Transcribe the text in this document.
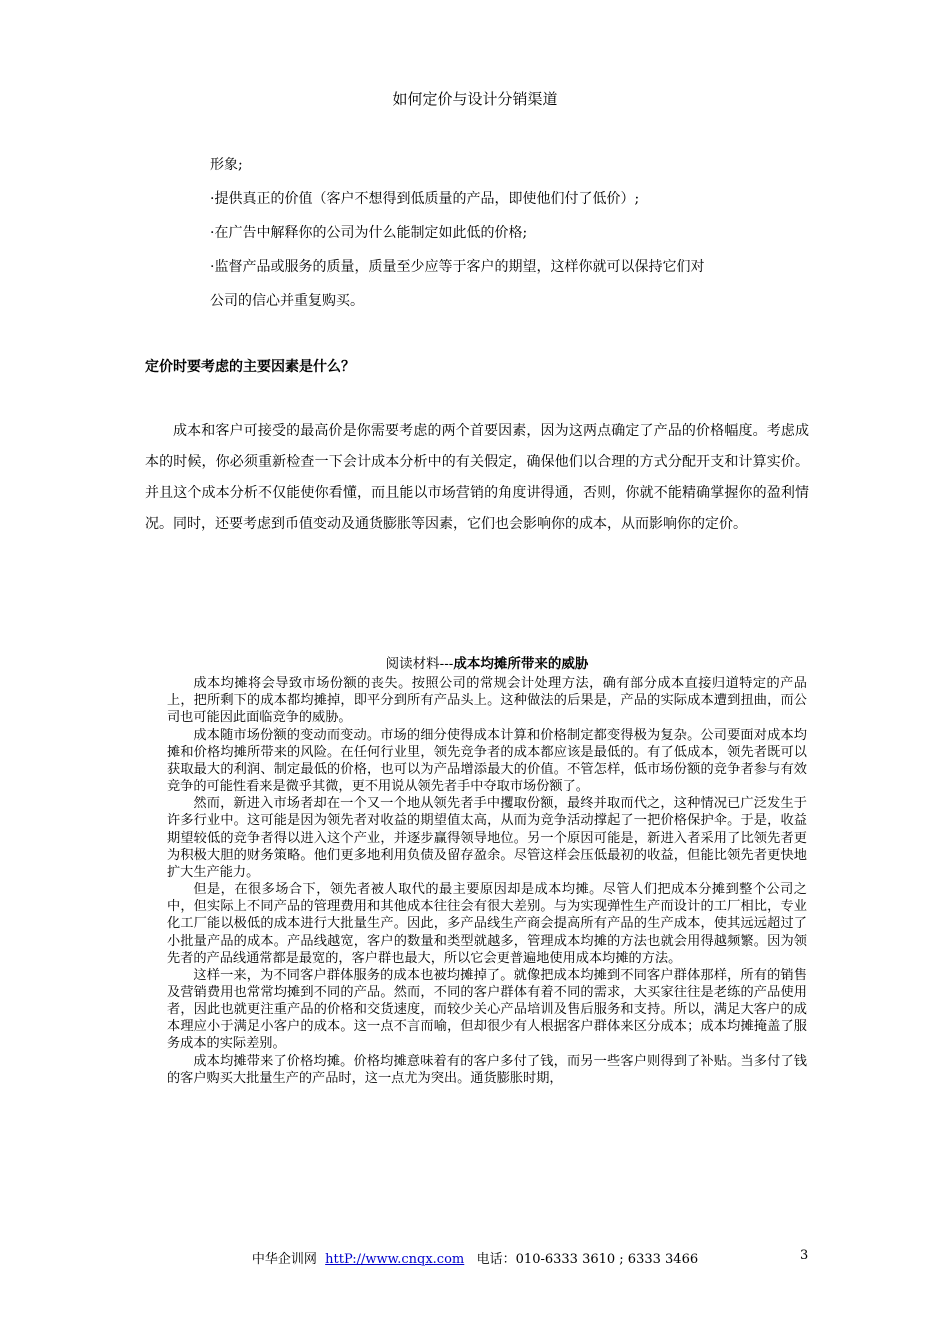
如何定价与设计分销渠道

形象;

·提供真正的价值（客户不想得到低质量的产品，即使他们付了低价）;

·在广告中解释你的公司为什么能制定如此低的价格;

·监督产品或服务的质量，质量至少应等于客户的期望，这样你就可以保持它们对

公司的信心并重复购买。

定价时要考虑的主要因素是什么？

成本和客户可接受的最高价是你需要考虑的两个首要因素，因为这两点确定了产品的价格幅度。考虑成本的时候，你必须重新检查一下会计成本分析中的有关假定，确保他们以合理的方式分配开支和计算实价。并且这个成本分析不仅能使你看懂，而且能以市场营销的角度讲得通，否则，你就不能精确掌握你的盈利情况。同时，还要考虑到币值变动及通货膨胀等因素，它们也会影响你的成本，从而影响你的定价。

阅读材料---成本均摊所带来的威胁

成本均摊将会导致市场份额的丧失。按照公司的常规会计处理方法，确有部分成本直接归道特定的产品上，把所剩下的成本都均摊掉，即平分到所有产品头上。这种做法的后果是，产品的实际成本遭到扭曲，而公司也可能因此面临竞争的威胁。

成本随市场份额的变动而变动。市场的细分使得成本计算和价格制定都变得极为复杂。公司要面对成本均摊和价格均摊所带来的风险。在任何行业里，领先竞争者的成本都应该是最低的。有了低成本，领先者既可以获取最大的利润、制定最低的价格，也可以为产品增添最大的价值。不管怎样，低市场份额的竞争者参与有效竞争的可能性看来是微乎其微，更不用说从领先者手中夺取市场份额了。

然而，新进入市场者却在一个又一个地从领先者手中攫取份额，最终并取而代之，这种情况已广泛发生于许多行业中。这可能是因为领先者对收益的期望值太高，从而为竞争活动撑起了一把价格保护伞。于是，收益期望较低的竞争者得以进入这个产业，并逐步赢得领导地位。另一个原因可能是，新进入者采用了比领先者更为积极大胆的财务策略。他们更多地利用负债及留存盈余。尽管这样会压低最初的收益，但能比领先者更快地扩大生产能力。

但是，在很多场合下，领先者被人取代的最主要原因却是成本均摊。尽管人们把成本分摊到整个公司之中，但实际上不同产品的管理费用和其他成本往往会有很大差别。与为实现弹性生产而设计的工厂相比，专业化工厂能以极低的成本进行大批量生产。因此，多产品线生产商会提高所有产品的生产成本，使其远远超过了小批量产品的成本。产品线越宽，客户的数量和类型就越多，管理成本均摊的方法也就会用得越频繁。因为领先者的产品线通常都是最宽的，客户群也最大，所以它会更普遍地使用成本均摊的方法。

这样一来，为不同客户群体服务的成本也被均摊掉了。就像把成本均摊到不同客户群体那样，所有的销售及营销费用也常常均摊到不同的产品。然而，不同的客户群体有着不同的需求，大买家往往是老练的产品使用者，因此也就更注重产品的价格和交货速度，而较少关心产品培训及售后服务和支持。所以，满足大客户的成本理应小于满足小客户的成本。这一点不言而喻，但却很少有人根据客户群体来区分成本；成本均摊掩盖了服务成本的实际差别。

成本均摊带来了价格均摊。价格均摊意味着有的客户多付了钱，而另一些客户则得到了补贴。当多付了钱的客户购买大批量生产的产品时，这一点尤为突出。通货膨胀时期，

中华企训网 httP://www.cnqx.com 电话：010-6333 3610 ; 6333 3466	3
